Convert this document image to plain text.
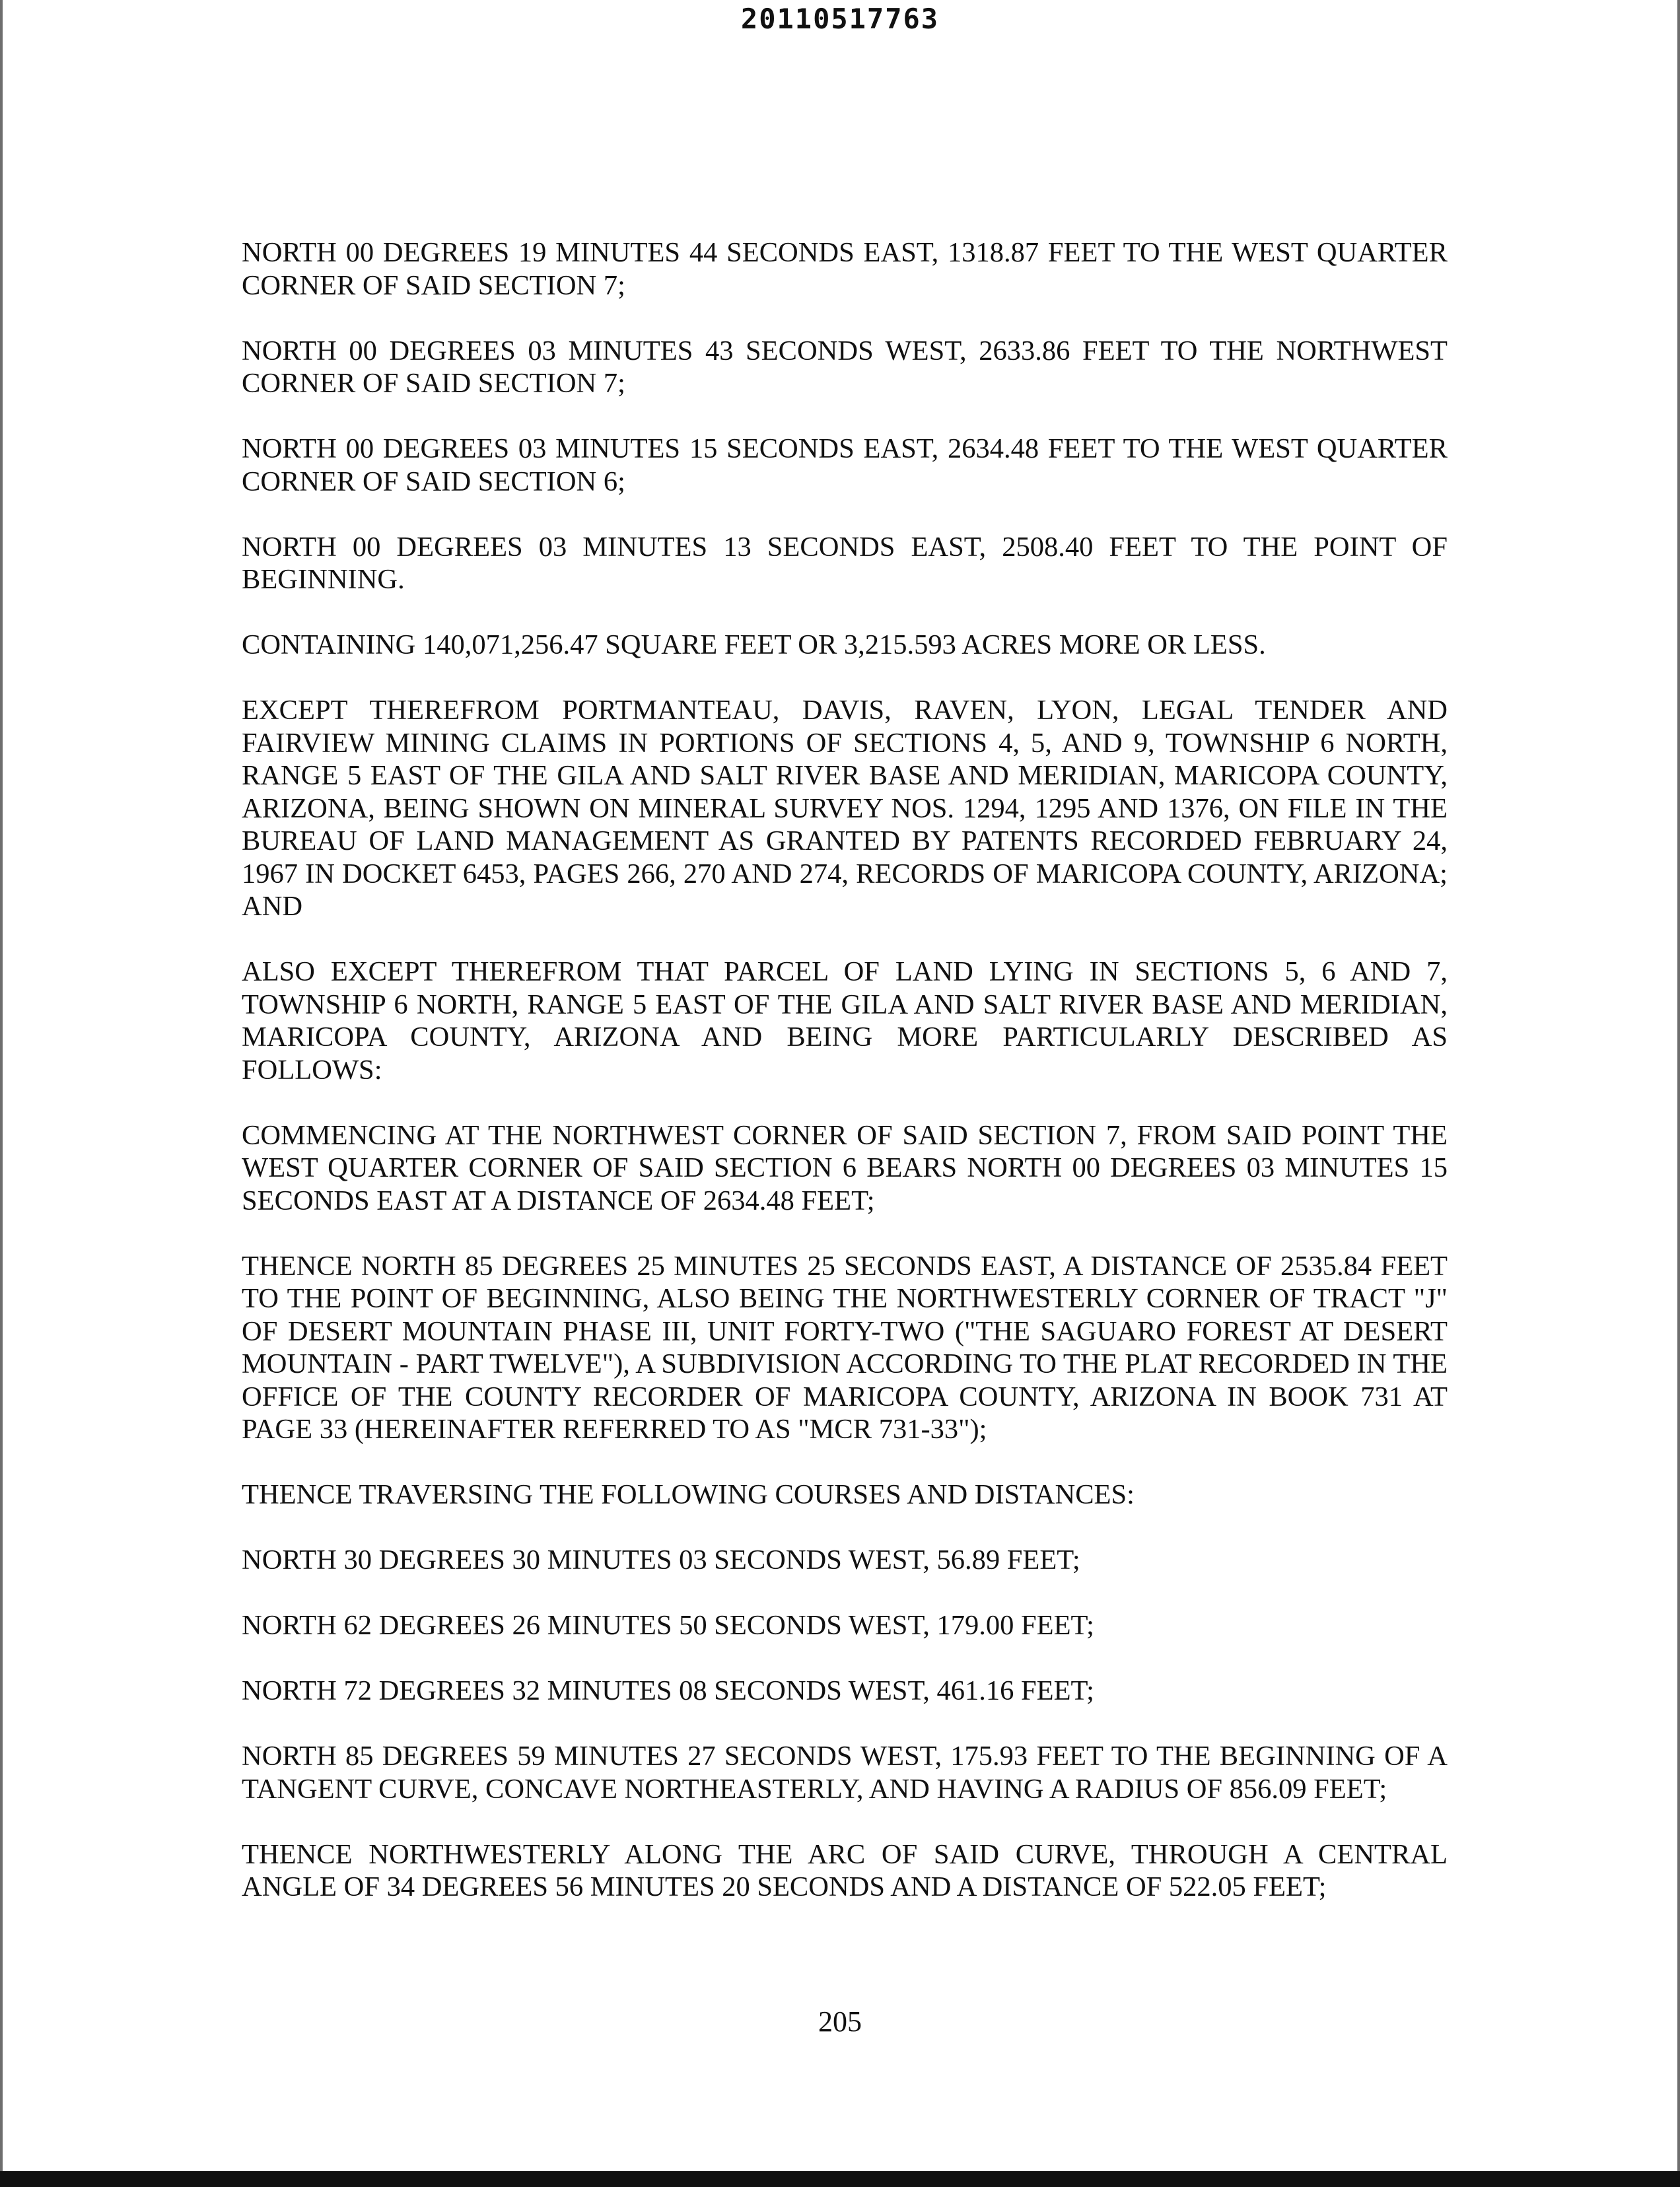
20110517763

NORTH 00 DEGREES 19 MINUTES 44 SECONDS EAST, 1318.87 FEET TO THE WEST QUARTER CORNER OF SAID SECTION 7;

NORTH 00 DEGREES 03 MINUTES 43 SECONDS WEST, 2633.86 FEET TO THE NORTHWEST CORNER OF SAID SECTION 7;

NORTH 00 DEGREES 03 MINUTES 15 SECONDS EAST, 2634.48 FEET TO THE WEST QUARTER CORNER OF SAID SECTION 6;

NORTH 00 DEGREES 03 MINUTES 13 SECONDS EAST, 2508.40 FEET TO THE POINT OF BEGINNING.

CONTAINING 140,071,256.47 SQUARE FEET OR 3,215.593 ACRES MORE OR LESS.

EXCEPT THEREFROM PORTMANTEAU, DAVIS, RAVEN, LYON, LEGAL TENDER AND FAIRVIEW MINING CLAIMS IN PORTIONS OF SECTIONS 4, 5, AND 9, TOWNSHIP 6 NORTH, RANGE 5 EAST OF THE GILA AND SALT RIVER BASE AND MERIDIAN, MARICOPA COUNTY, ARIZONA, BEING SHOWN ON MINERAL SURVEY NOS. 1294, 1295 AND 1376, ON FILE IN THE BUREAU OF LAND MANAGEMENT AS GRANTED BY PATENTS RECORDED FEBRUARY 24, 1967 IN DOCKET 6453, PAGES 266, 270 AND 274, RECORDS OF MARICOPA COUNTY, ARIZONA; AND

ALSO EXCEPT THEREFROM THAT PARCEL OF LAND LYING IN SECTIONS 5, 6 AND 7, TOWNSHIP 6 NORTH, RANGE 5 EAST OF THE GILA AND SALT RIVER BASE AND MERIDIAN, MARICOPA COUNTY, ARIZONA AND BEING MORE PARTICULARLY DESCRIBED AS FOLLOWS:

COMMENCING AT THE NORTHWEST CORNER OF SAID SECTION 7, FROM SAID POINT THE WEST QUARTER CORNER OF SAID SECTION 6 BEARS NORTH 00 DEGREES 03 MINUTES 15 SECONDS EAST AT A DISTANCE OF 2634.48 FEET;

THENCE NORTH 85 DEGREES 25 MINUTES 25 SECONDS EAST, A DISTANCE OF 2535.84 FEET TO THE POINT OF BEGINNING, ALSO BEING THE NORTHWESTERLY CORNER OF TRACT "J" OF DESERT MOUNTAIN PHASE III, UNIT FORTY-TWO ("THE SAGUARO FOREST AT DESERT MOUNTAIN - PART TWELVE"), A SUBDIVISION ACCORDING TO THE PLAT RECORDED IN THE OFFICE OF THE COUNTY RECORDER OF MARICOPA COUNTY, ARIZONA IN BOOK 731 AT PAGE 33 (HEREINAFTER REFERRED TO AS "MCR 731-33");

THENCE TRAVERSING THE FOLLOWING COURSES AND DISTANCES:

NORTH 30 DEGREES 30 MINUTES 03 SECONDS WEST, 56.89 FEET;

NORTH 62 DEGREES 26 MINUTES 50 SECONDS WEST, 179.00 FEET;

NORTH 72 DEGREES 32 MINUTES 08 SECONDS WEST, 461.16 FEET;

NORTH 85 DEGREES 59 MINUTES 27 SECONDS WEST, 175.93 FEET TO THE BEGINNING OF A TANGENT CURVE, CONCAVE NORTHEASTERLY, AND HAVING A RADIUS OF 856.09 FEET;

THENCE NORTHWESTERLY ALONG THE ARC OF SAID CURVE, THROUGH A CENTRAL ANGLE OF 34 DEGREES 56 MINUTES 20 SECONDS AND A DISTANCE OF 522.05 FEET;

205
